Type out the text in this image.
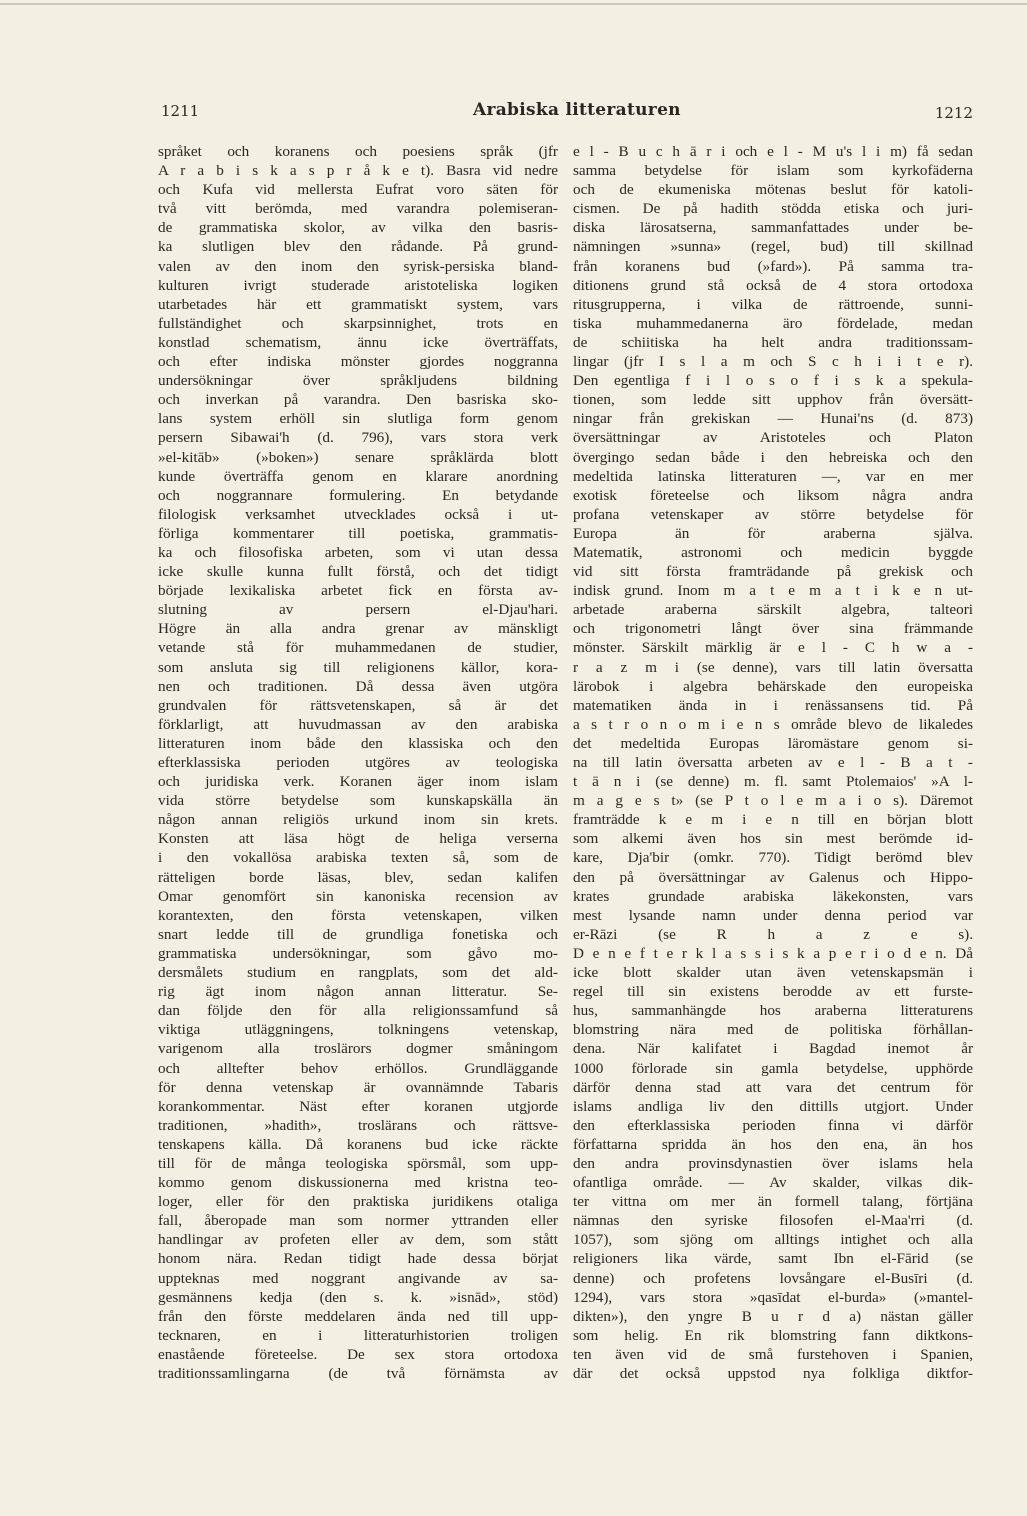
1211	Arabiska litteraturen	1212
språket och koranens och poesiens språk (jfr
A r a b i s k a s p r å k e t). Basra vid nedre
och Kufa vid mellersta Eufrat voro säten för
två vitt berömda, med varandra polemiseran-
de grammatiska skolor, av vilka den basris-
ka slutligen blev den rådande. På grund-
valen av den inom den syrisk-persiska bland-
kulturen ivrigt studerade aristoteliska logiken
utarbetades här ett grammatiskt system, vars
fullständighet och skarpsinnighet, trots en
konstlad schematism, ännu icke överträffats,
och efter indiska mönster gjordes noggranna
undersökningar över språkljudens bildning
och inverkan på varandra. Den basriska sko-
lans system erhöll sin slutliga form genom
persern Sibawai'h (d. 796), vars stora verk
»el-kitāb» (»boken») senare språklärda blott
kunde överträffa genom en klarare anordning
och noggrannare formulering. En betydande
filologisk verksamhet utvecklades också i ut-
förliga kommentarer till poetiska, grammatis-
ka och filosofiska arbeten, som vi utan dessa
icke skulle kunna fullt förstå, och det tidigt
började lexikaliska arbetet fick en första av-
slutning av persern el-Djau'hari.
Högre än alla andra grenar av mänskligt
vetande stå för muhammedanen de studier,
som ansluta sig till religionens källor, kora-
nen och traditionen. Då dessa även utgöra
grundvalen för rättsvetenskapen, så är det
förklarligt, att huvudmassan av den arabiska
litteraturen inom både den klassiska och den
efterklassiska perioden utgöres av teologiska
och juridiska verk. Koranen äger inom islam
vida större betydelse som kunskapskälla än
någon annan religiös urkund inom sin krets.
Konsten att läsa högt de heliga verserna
i den vokallösa arabiska texten så, som de
rätteligen borde läsas, blev, sedan kalifen
Omar genomfört sin kanoniska recension av
korantexten, den första vetenskapen, vilken
snart ledde till de grundliga fonetiska och
grammatiska undersökningar, som gåvo mo-
dersmålets studium en rangplats, som det ald-
rig ägt inom någon annan litteratur. Se-
dan följde den för alla religionssamfund så
viktiga utläggningens, tolkningens vetenskap,
varigenom alla troslärors dogmer småningom
och alltefter behov erhöllos. Grundläggande
för denna vetenskap är ovannämnde Tabaris
korankommentar. Näst efter koranen utgjorde
traditionen, »hadith», troslärans och rättsve-
tenskapens källa. Då koranens bud icke räckte
till för de många teologiska spörsmål, som upp-
kommo genom diskussionerna med kristna teo-
loger, eller för den praktiska juridikens otaliga
fall, åberopade man som normer yttranden eller
handlingar av profeten eller av dem, som stått
honom nära. Redan tidigt hade dessa börjat
uppteknas med noggrant angivande av sa-
gesmännens kedja (den s. k. »isnād», stöd)
från den förste meddelaren ända ned till upp-
tecknaren, en i litteraturhistorien troligen
enastående företeelse. De sex stora ortodoxa
traditionssamlingarna (de två förnämsta av
e l - B u c h ā r i och e l - M u's l i m) få sedan
samma betydelse för islam som kyrkofäderna
och de ekumeniska mötenas beslut för katoli-
cismen. De på hadith stödda etiska och juri-
diska lärosatserna, sammanfattades under be-
nämningen »sunna» (regel, bud) till skillnad
från koranens bud (»fard»). På samma tra-
ditionens grund stå också de 4 stora ortodoxa
ritusgrupperna, i vilka de rättroende, sunni-
tiska muhammedanerna äro fördelade, medan
de schiitiska ha helt andra traditionssam-
lingar (jfr I s l a m och S c h i i t e r).
Den egentliga f i l o s o f i s k a spekula-
tionen, som ledde sitt upphov från översätt-
ningar från grekiskan — Hunai'ns (d. 873)
översättningar av Aristoteles och Platon
övergingo sedan både i den hebreiska och den
medeltida latinska litteraturen —, var en mer
exotisk företeelse och liksom några andra
profana vetenskaper av större betydelse för
Europa än för araberna själva.
Matematik, astronomi och medicin byggde
vid sitt första framträdande på grekisk och
indisk grund. Inom m a t e m a t i k e n ut-
arbetade araberna särskilt algebra, talteori
och trigonometri långt över sina främmande
mönster. Särskilt märklig är e l - C h w a -
r a z m i (se denne), vars till latin översatta
lärobok i algebra behärskade den europeiska
matematiken ända in i renässansens tid. På
a s t r o n o m i e n s område blevo de likaledes
det medeltida Europas läromästare genom si-
na till latin översatta arbeten av e l - B a t -
t ā n i (se denne) m. fl. samt Ptolemaios' »A l-
m a g e s t» (se P t o l e m a i o s). Däremot
framträdde k e m i e n till en början blott
som alkemi även hos sin mest berömde id-
kare, Dja'bir (omkr. 770). Tidigt berömd blev
den på översättningar av Galenus och Hippo-
krates grundade arabiska läkekonsten, vars
mest lysande namn under denna period var
er-Rāzi (se R h a z e s).
D e n e f t e r k l a s s i s k a p e r i o d e n. Då
icke blott skalder utan även vetenskapsmän i
regel till sin existens berodde av ett furste-
hus, sammanhängde hos araberna litteraturens
blomstring nära med de politiska förhållan-
dena. När kalifatet i Bagdad inemot år
1000 förlorade sin gamla betydelse, upphörde
därför denna stad att vara det centrum för
islams andliga liv den dittills utgjort. Under
den efterklassiska perioden finna vi därför
författarna spridda än hos den ena, än hos
den andra provinsdynastien över islams hela
ofantliga område. — Av skalder, vilkas dik-
ter vittna om mer än formell talang, förtjäna
nämnas den syriske filosofen el-Maa'rri (d.
1057), som sjöng om alltings intighet och alla
religioners lika värde, samt Ibn el-Fārid (se
denne) och profetens lovsångare el-Busīri (d.
1294), vars stora »qasīdat el-burda» (»mantel-
dikten»), den yngre B u r d a) nästan gäller
som helig. En rik blomstring fann diktkons-
ten även vid de små furstehoven i Spanien,
där det också uppstod nya folkliga diktfor-
